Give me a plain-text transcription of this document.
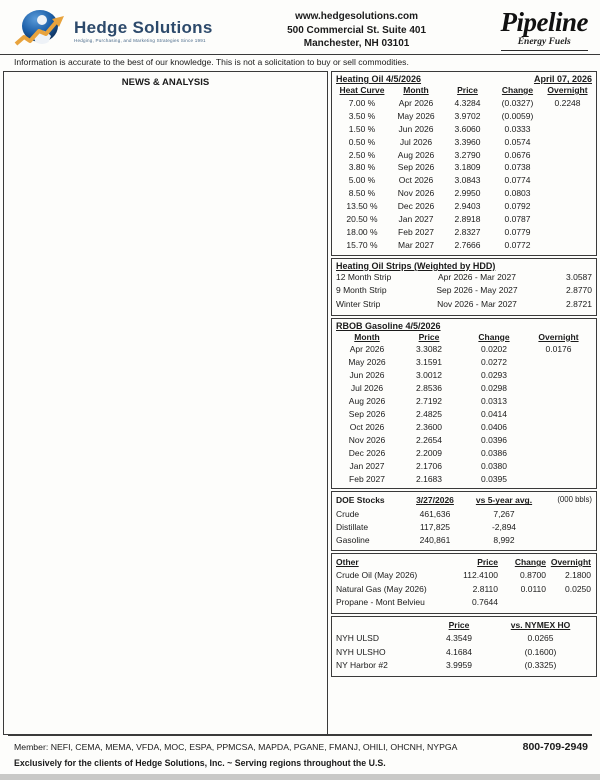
Hedge Solutions
Hedging, Purchasing, and Marketing Strategies Since 1991
www.hedgesolutions.com
500 Commercial St. Suite 401
Manchester, NH 03101
Pipeline
Energy Fuels
Information is accurate to the best of our knowledge. This is not a solicitation to buy or sell commodities.
NEWS & ANALYSIS	Heating Oil 4/5/2026	April 07, 2026
Heat Curve Month	Price	Change Overnight
7.00 %	Apr 2026	4.3284 (0.0327) 0.2248
3.50 %	May 2026 3.9702 (0.0059)
1.50 %	Jun 2026 3.6060	0.0333
0.50 %	Jul 2026	3.3960	0.0574
2.50 %	Aug 2026 3.2790	0.0676
3.80 %	Sep 2026 3.1809	0.0738
5.00 %	Oct 2026	3.0843	0.0774
8.50 %	Nov 2026 2.9950	0.0803
13.50 % Dec 2026 2.9403	0.0792
20.50 % Jan 2027 2.8918	0.0787
18.00 % Feb 2027 2.8327	0.0779
15.70 % Mar 2027 2.7666	0.0772
Heating Oil Strips (Weighted by HDD)
12 Month Strip	Apr 2026 - Mar 2027	3.0587
9 Month Strip	Sep 2026 - May 2027	2.8770
Winter Strip	Nov 2026 - Mar 2027	2.8721
RBOB Gasoline 4/5/2026
Month	Price	Change	Overnight
Apr 2026	3.3082	0.0202	0.0176
May 2026	3.1591	0.0272
Jun 2026	3.0012	0.0293
Jul 2026	2.8536	0.0298
Aug 2026	2.7192	0.0313
Sep 2026	2.4825	0.0414
Oct 2026	2.3600	0.0406
Nov 2026	2.2654	0.0396
Dec 2026	2.2009	0.0386
Jan 2027	2.1706	0.0380
Feb 2027	2.1683	0.0395
DOE Stocks	3/27/2026	vs 5-year avg.	(000 bbls)
Crude	461,636	7,267
Distillate	117,825	-2,894
Gasoline	240,861	8,992
Other	Price	Change Overnight
Crude Oil (May 2026)	112.4100	0.8700	2.1800
Natural Gas (May 2026)	2.8110	0.0110	0.0250
Propane - Mont Belvieu	0.7644
Price	vs. NYMEX HO
NYH ULSD	4.3549	0.0265
NYH ULSHO	4.1684	(0.1600)
NY Harbor #2	3.9959	(0.3325)
Member: NEFI, CEMA, MEMA, VFDA, MOC, ESPA, PPMCSA, MAPDA, PGANE, FMANJ, OHILI, OHCNH, NYPGA	800-709-2949
Exclusively for the clients of Hedge Solutions, Inc. ~ Serving regions throughout the U.S.
